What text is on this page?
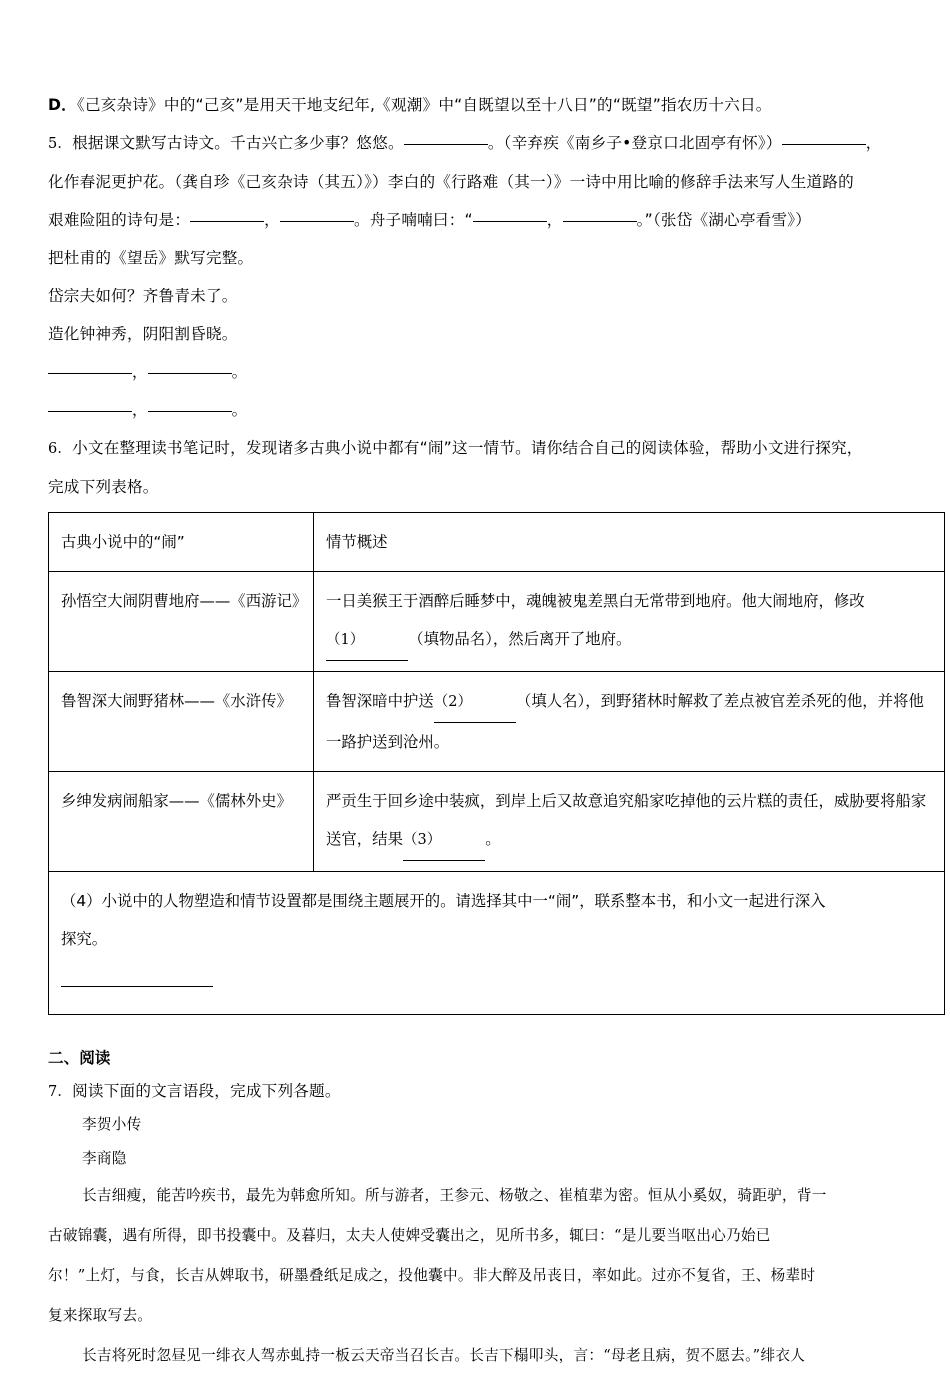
D．《己亥杂诗》中的“己亥”是用天干地支纪年,《观潮》中“自既望以至十八日”的“既望”指农历十六日。
5．根据课文默写古诗文。千古兴亡多少事？悠悠。	。（辛弃疾《南乡子•登京口北固亭有怀》）	，
化作春泥更护花。（龚自珍《己亥杂诗（其五）》）李白的《行路难（其一）》一诗中用比喻的修辞手法来写人生道路的
艰难险阻的诗句是：	，	。舟子喃喃曰：“	，	。”（张岱《湖心亭看雪》）
把杜甫的《望岳》默写完整。
岱宗夫如何？齐鲁青未了。
造化钟神秀，阴阳割昏晓。
，	。
，	。
6．小文在整理读书笔记时，发现诸多古典小说中都有“闹”这一情节。请你结合自己的阅读体验，帮助小文进行探究，
完成下列表格。
古典小说中的“闹”	情节概述
孙悟空大闹阴曹地府——《西游记》	一日美猴王于酒醉后睡梦中，魂魄被鬼差黑白无常带到地府。他大闹地府，修改（1） （填物品名），然后离开了地府。
鲁智深大闹野猪林——《水浒传》	鲁智深暗中护送（2） （填人名），到野猪林时解救了差点被官差杀死的他，并将他一路护送到沧州。
乡绅发病闹船家——《儒林外史》	严贡生于回乡途中装疯，到岸上后又故意追究船家吃掉他的云片糕的责任，威胁要将船家送官，结果（3） 。

（4）小说中的人物塑造和情节设置都是围绕主题展开的。请选择其中一“闹”，联系整本书，和小文一起进行深入
探究。	
二、阅读
7．阅读下面的文言语段，完成下列各题。
李贺小传
李商隐
长吉细瘦，能苦吟疾书，最先为韩愈所知。所与游者，王参元、杨敬之、崔植辈为密。恒从小奚奴，骑距驴，背一
古破锦囊，遇有所得，即书投囊中。及暮归，太夫人使婢受囊出之，见所书多，辄曰：“是儿要当呕出心乃始已
尔！”上灯，与食，长吉从婢取书，研墨叠纸足成之，投他囊中。非大醉及吊丧日，率如此。过亦不复省，王、杨辈时
复来探取写去。
长吉将死时忽昼见一绯衣人驾赤虬持一板云天帝当召长吉。长吉下榻叩头，言：“母老且病，贺不愿去。”绯衣人
